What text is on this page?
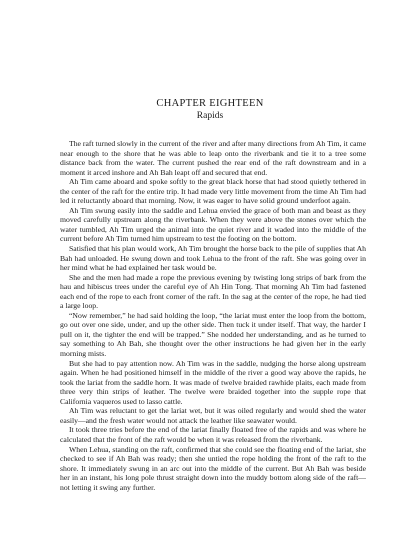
CHAPTER EIGHTEEN
Rapids

The raft turned slowly in the current of the river and after many directions from Ah Tim, it came near enough to the shore that he was able to leap onto the riverbank and tie it to a tree some distance back from the water. The current pushed the rear end of the raft downstream and in a moment it arced inshore and Ah Bah leapt off and secured that end.

Ah Tim came aboard and spoke softly to the great black horse that had stood quietly tethered in the center of the raft for the entire trip. It had made very little movement from the time Ah Tim had led it reluctantly aboard that morning. Now, it was eager to have solid ground underfoot again.

Ah Tim swung easily into the saddle and Lehua envied the grace of both man and beast as they moved carefully upstream along the riverbank. When they were above the stones over which the water tumbled, Ah Tim urged the animal into the quiet river and it waded into the middle of the current before Ah Tim turned him upstream to test the footing on the bottom.

Satisfied that his plan would work, Ah Tim brought the horse back to the pile of supplies that Ah Bah had unloaded. He swung down and took Lehua to the front of the raft. She was going over in her mind what he had explained her task would be.

She and the men had made a rope the previous evening by twisting long strips of bark from the hau and hibiscus trees under the careful eye of Ah Hin Tong. That morning Ah Tim had fastened each end of the rope to each front corner of the raft. In the sag at the center of the rope, he had tied a large loop.

“Now remember,” he had said holding the loop, “the lariat must enter the loop from the bottom, go out over one side, under, and up the other side. Then tuck it under itself. That way, the harder I pull on it, the tighter the end will be trapped.” She nodded her understanding, and as he turned to say something to Ah Bah, she thought over the other instructions he had given her in the early morning mists.

But she had to pay attention now. Ah Tim was in the saddle, nudging the horse along upstream again. When he had positioned himself in the middle of the river a good way above the rapids, he took the lariat from the saddle horn. It was made of twelve braided rawhide plaits, each made from three very thin strips of leather. The twelve were braided together into the supple rope that California vaqueros used to lasso cattle.

Ah Tim was reluctant to get the lariat wet, but it was oiled regularly and would shed the water easily—and the fresh water would not attack the leather like seawater would.

It took three tries before the end of the lariat finally floated free of the rapids and was where he calculated that the front of the raft would be when it was released from the riverbank.

When Lehua, standing on the raft, confirmed that she could see the floating end of the lariat, she checked to see if Ah Bah was ready; then she untied the rope holding the front of the raft to the shore. It immediately swung in an arc out into the middle of the current. But Ah Bah was beside her in an instant, his long pole thrust straight down into the muddy bottom along side of the raft—not letting it swing any further.
